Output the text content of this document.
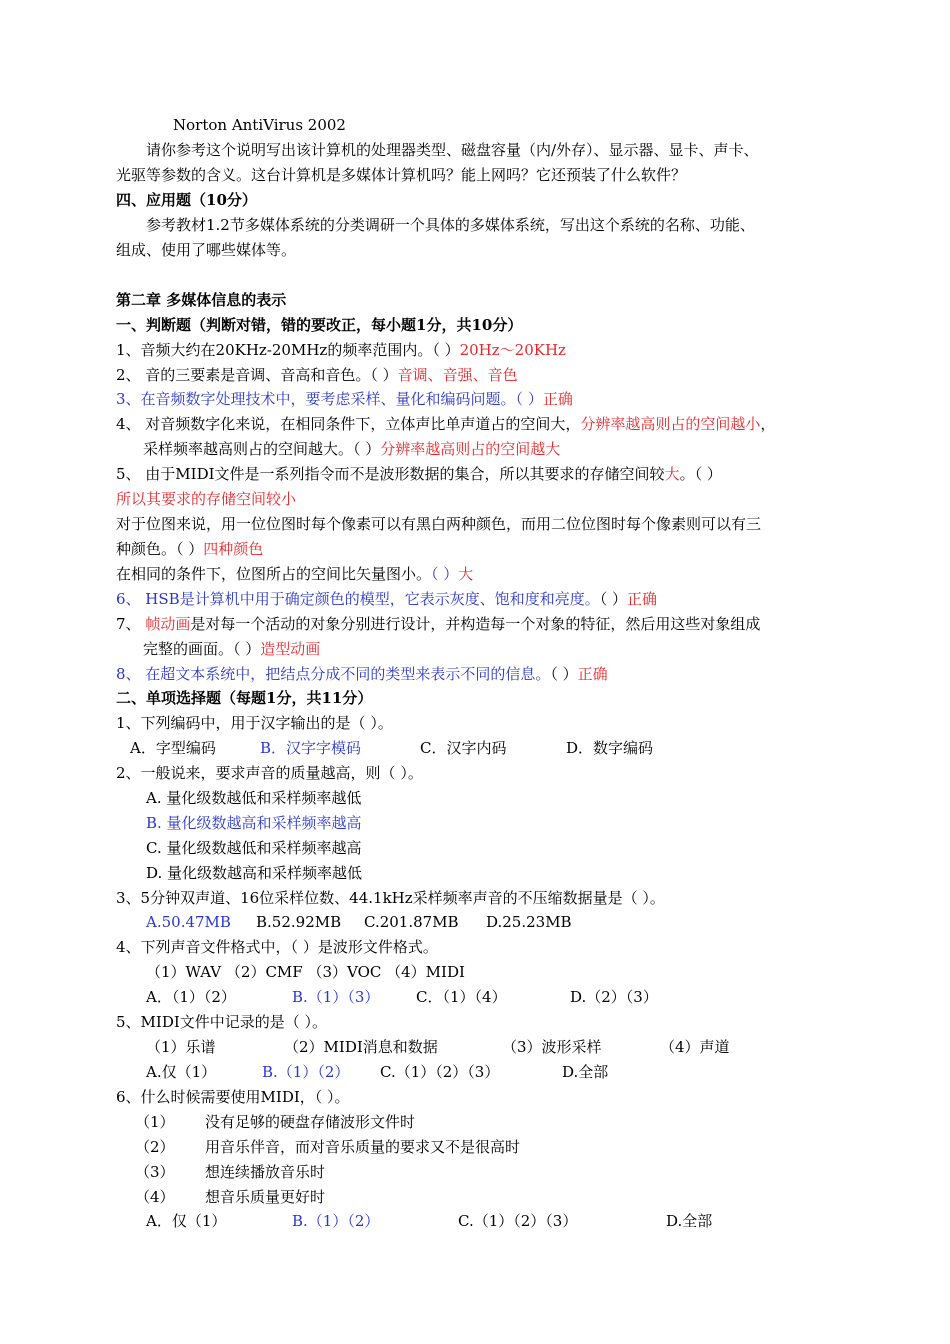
Norton AntiVirus 2002
请你参考这个说明写出该计算机的处理器类型、磁盘容量（内/外存）、显示器、显卡、声卡、
光驱等参数的含义。这台计算机是多媒体计算机吗？能上网吗？它还预装了什么软件？
四、应用题（10分）
参考教材1.2节多媒体系统的分类调研一个具体的多媒体系统，写出这个系统的名称、功能、
组成、使用了哪些媒体等。
第二章 多媒体信息的表示
一、判断题（判断对错，错的要改正，每小题1分，共10分）
1、音频大约在20KHz-20MHz的频率范围内。（ ）20Hz～20KHz
2、 音的三要素是音调、音高和音色。（ ）音调、音强、音色
3、在音频数字处理技术中，要考虑采样、量化和编码问题。（ ）正确
4、 对音频数字化来说，在相同条件下，立体声比单声道占的空间大，分辨率越高则占的空间越小，
采样频率越高则占的空间越大。（ ）分辨率越高则占的空间越大
5、 由于MIDI文件是一系列指令而不是波形数据的集合，所以其要求的存储空间较大。（ ）
所以其要求的存储空间较小
对于位图来说，用一位位图时每个像素可以有黑白两种颜色，而用二位位图时每个像素则可以有三
种颜色。（ ）四种颜色
在相同的条件下，位图所占的空间比矢量图小。（ ）大
6、 HSB是计算机中用于确定颜色的模型，它表示灰度、饱和度和亮度。（ ）正确
7、 帧动画是对每一个活动的对象分别进行设计，并构造每一个对象的特征，然后用这些对象组成
完整的画面。（ ）造型动画
8、 在超文本系统中，把结点分成不同的类型来表示不同的信息。（ ）正确
二、单项选择题（每题1分，共11分）
1、下列编码中，用于汉字输出的是（ ）。
A．字型编码	B．汉字字模码	C．汉字内码	D．数字编码
2、一般说来，要求声音的质量越高，则（ ）。
A. 量化级数越低和采样频率越低
B. 量化级数越高和采样频率越高
C. 量化级数越低和采样频率越高
D. 量化级数越高和采样频率越低
3、5分钟双声道、16位采样位数、44.1kHz采样频率声音的不压缩数据量是（ ）。
A.50.47MB B.52.92MB C.201.87MB D.25.23MB
4、下列声音文件格式中，（ ）是波形文件格式。
（1）WAV （2）CMF （3）VOC （4）MIDI
A．（1）（2）	B.（1）（3） C．（1）（4）	D.（2）（3）
5、MIDI文件中记录的是（ ）。
（1）乐谱	（2）MIDI消息和数据	（3）波形采样	（4）声道
A.仅（1）	B.（1）（2） C.（1）（2）（3）	D.全部
6、什么时候需要使用MIDI，（ ）。
（1） 没有足够的硬盘存储波形文件时
（2） 用音乐伴音，而对音乐质量的要求又不是很高时
（3） 想连续播放音乐时
（4） 想音乐质量更好时
A．仅（1）	B.（1）（2）	C.（1）（2）（3）	D.全部
